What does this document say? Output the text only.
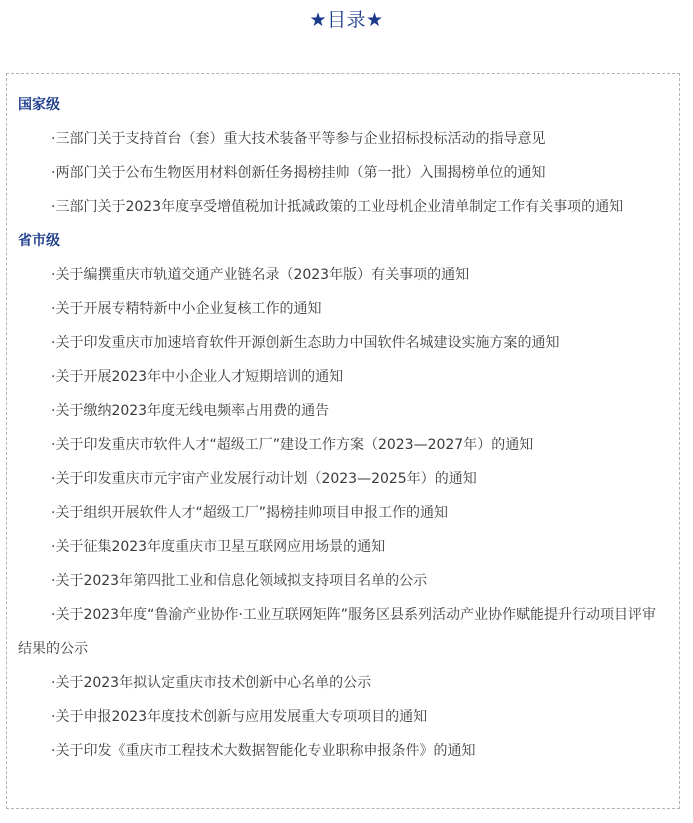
★目录★
国家级
·三部门关于支持首台（套）重大技术装备平等参与企业招标投标活动的指导意见
·两部门关于公布生物医用材料创新任务揭榜挂帅（第一批）入围揭榜单位的通知
·三部门关于2023年度享受增值税加计抵减政策的工业母机企业清单制定工作有关事项的通知
省市级
·关于编撰重庆市轨道交通产业链名录（2023年版）有关事项的通知
·关于开展专精特新中小企业复核工作的通知
·关于印发重庆市加速培育软件开源创新生态助力中国软件名城建设实施方案的通知
·关于开展2023年中小企业人才短期培训的通知
·关于缴纳2023年度无线电频率占用费的通告
·关于印发重庆市软件人才“超级工厂”建设工作方案（2023—2027年）的通知
·关于印发重庆市元宇宙产业发展行动计划（2023—2025年）的通知
·关于组织开展软件人才“超级工厂”揭榜挂帅项目申报工作的通知
·关于征集2023年度重庆市卫星互联网应用场景的通知
·关于2023年第四批工业和信息化领域拟支持项目名单的公示
·关于2023年度“鲁渝产业协作·工业互联网矩阵”服务区县系列活动产业协作赋能提升行动项目评审结果的公示
·关于2023年拟认定重庆市技术创新中心名单的公示
·关于申报2023年度技术创新与应用发展重大专项项目的通知
·关于印发《重庆市工程技术大数据智能化专业职称申报条件》的通知
